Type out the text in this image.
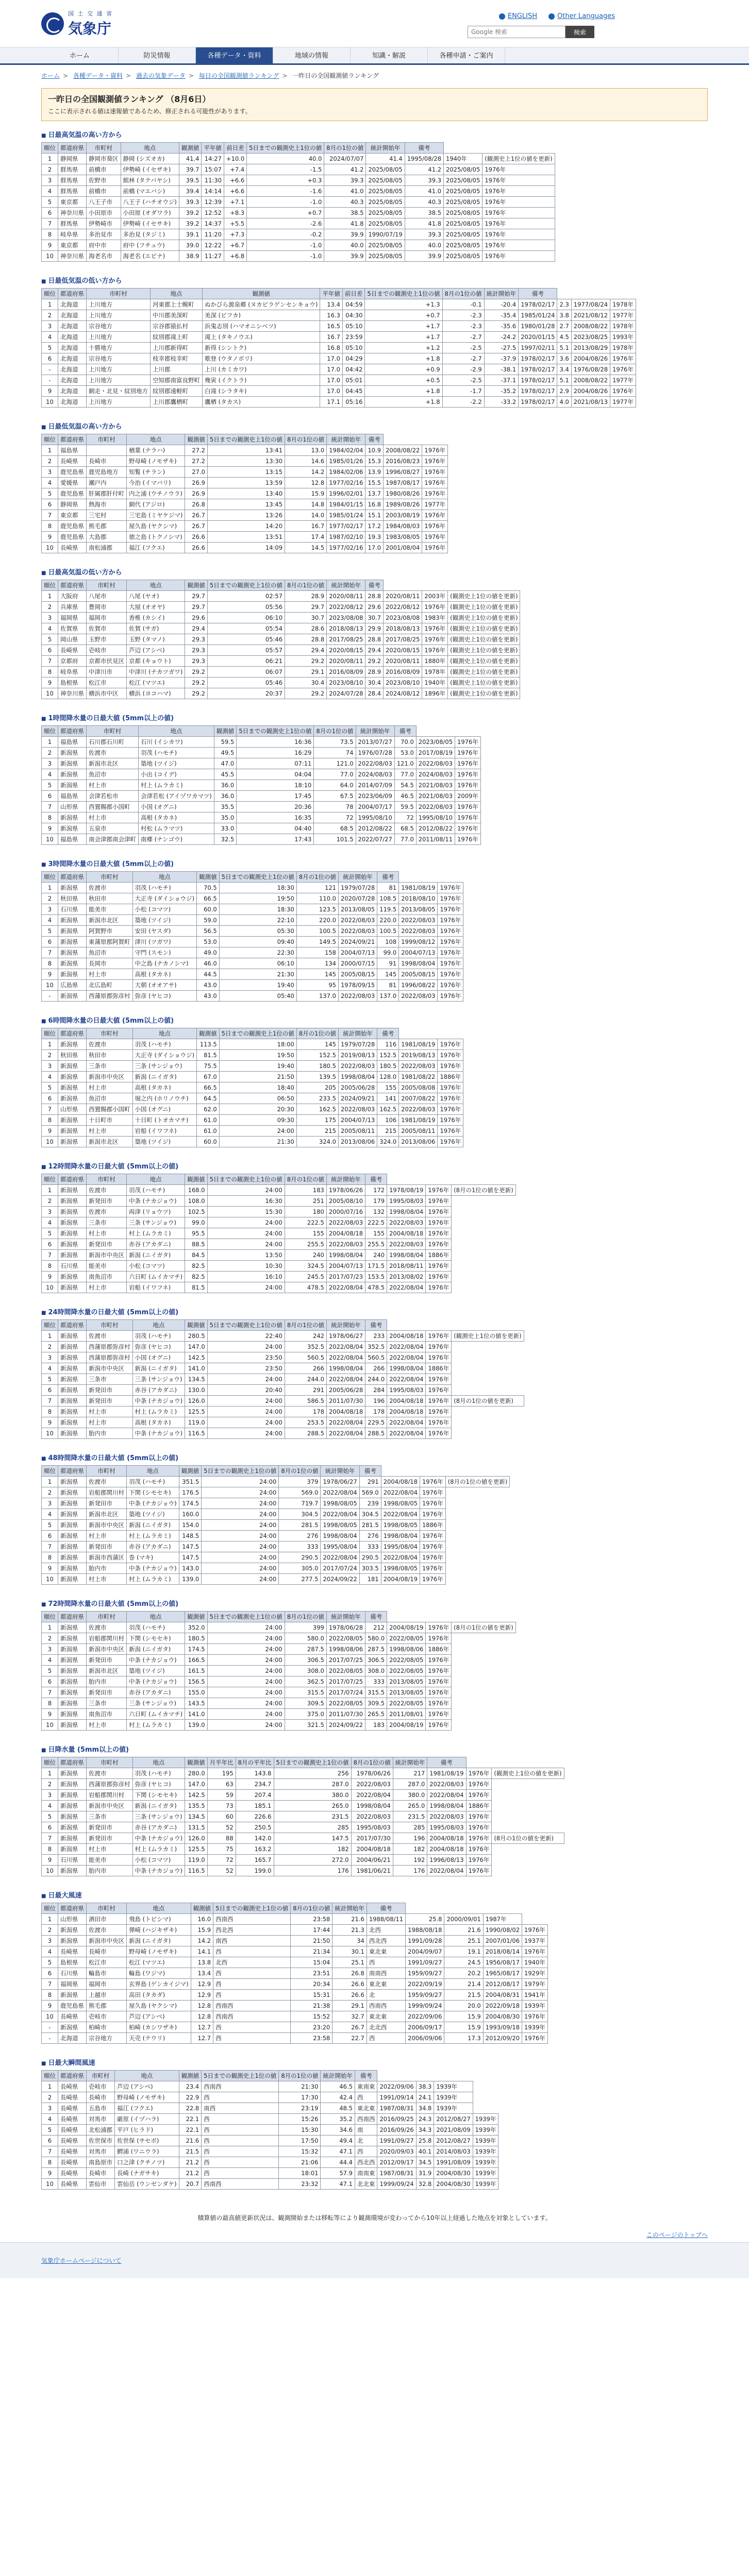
国 土 交 通 省
気象庁
ENGLISH	Other Languages
Google 検索
検索
ホーム	防災情報	各種データ・資料	地域の情報	知識・解説	各種申請・ご案内
ホーム > 各種データ・資料 > 過去の気象データ > 毎日の全国観測値ランキング > 一昨日の全国観測値ランキング
一昨日の全国観測値ランキング （8月6日）

ここに表示される値は速報値であるため、修正される可能性があります。

■ 日最高気温の高い方から
順位	都道府県	市町村	地点	観測値	平年値	前日差	5日までの観測史上1位の値	8月の1位の値	統計開始年	備考		
1	静岡県	静岡市葵区	静岡 (シズオカ)	41.4	14:27	+10.0	40.0	2024/07/07	41.4	1995/08/28	1940年	(観測史上1位の値を更新)
2	群馬県	前橋市	伊勢崎 (イセザキ)	39.7	15:07	+7.4	-1.5	41.2	2025/08/05	41.2	2025/08/05	1976年
3	群馬県	佐野市	館林 (タテバヤシ)	39.5	11:30	+6.6	+0.3	39.3	2025/08/05	39.3	2025/08/05	1976年
4	群馬県	前橋市	前橋 (マエバシ)	39.4	14:14	+6.6	-1.6	41.0	2025/08/05	41.0	2025/08/05	1976年
5	東京都	八王子市	八王子 (ハチオウジ)	39.3	12:39	+7.1	-1.0	40.3	2025/08/05	40.3	2025/08/05	1976年
6	神奈川県	小田原市	小田原 (オダワラ)	39.2	12:52	+8.3	+0.7	38.5	2025/08/05	38.5	2025/08/05	1976年
7	群馬県	伊勢崎市	伊勢崎 (イセサキ)	39.2	14:37	+5.5	-2.6	41.8	2025/08/05	41.8	2025/08/05	1976年
8	岐阜県	多治見市	多治見 (タジミ)	39.1	11:20	+7.3	-0.2	39.9	1990/07/19	39.3	2025/08/05	1976年
9	東京都	府中市	府中 (フチュウ)	39.0	12:22	+6.7	-1.0	40.0	2025/08/05	40.0	2025/08/05	1976年
10	神奈川県	海老名市	海老名 (エビナ)	38.9	11:27	+6.8	-1.0	39.9	2025/08/05	39.9	2025/08/05	1976年
■ 日最低気温の低い方から
順位	都道府県	市町村	地点	観測値	平年値	前日差	5日までの観測史上1位の値	8月の1位の値	統計開始年	備考			
1	北海道	上川地方	河東郡上士幌町	ぬかびら源泉郷 (ヌカビラゲンセンキョウ)	13.4	04:59	+1.3	-0.1	-20.4	1978/02/17	2.3	1977/08/24	1978年
2	北海道	上川地方	中川郡美深町	美深 (ビフカ)	16.3	04:30	+0.7	-2.3	-35.4	1985/01/24	3.8	2021/08/12	1977年
3	北海道	宗谷地方	宗谷郡猿払村	浜鬼志別 (ハマオニシベツ)	16.5	05:10	+1.7	-2.3	-35.6	1980/01/28	2.7	2008/08/22	1978年
4	北海道	上川地方	紋別郡滝上町	滝上 (タキノウエ)	16.7	23:59	+1.7	-2.7	-24.2	2020/01/15	4.5	2023/08/25	1993年
5	北海道	十勝地方	上川郡新得町	新得 (シントク)	16.8	05:10	+1.2	-2.5	-27.5	1997/02/11	5.1	2013/08/29	1978年
6	北海道	宗谷地方	枝幸郡枝幸町	歌登 (ウタノボリ)	17.0	04:29	+1.8	-2.7	-37.9	1978/02/17	3.6	2004/08/26	1976年
-	北海道	上川地方	上川郡	上川 (カミカワ)	17.0	04:42	+0.9	-2.9	-38.1	1978/02/17	3.4	1976/08/28	1976年
-	北海道	上川地方	空知郡南富良野町	幾寅 (イクトラ)	17.0	05:01	+0.5	-2.5	-37.1	1978/02/17	5.1	2008/08/22	1977年
9	北海道	網走・北見・紋別地方	紋別郡遠軽町	白滝 (シラタキ)	17.0	04:45	+1.8	-1.7	-35.2	1978/02/17	2.9	2004/08/26	1976年
10	北海道	上川地方	上川郡鷹栖町	鷹栖 (タカス)	17.1	05:16	+1.8	-2.2	-33.2	1978/02/17	4.0	2021/08/13	1977年
■ 日最低気温の高い方から
順位	都道府県	市町村	地点	観測値	5日までの観測史上1位の値	8月の1位の値	統計開始年	備考		
1	福島県		楢葉 (ナラハ)	27.2	13:41	13.0	1984/02/04	10.9	2008/08/22	1976年
2	長崎県	長崎市	野母崎 (ノモザキ)	27.2	13:30	14.6	1985/01/26	15.3	2016/08/23	1976年
3	鹿児島県	鹿児島地方	知覧 (チラン)	27.0	13:15	14.2	1984/02/06	13.9	1996/08/27	1976年
4	愛媛県	瀬戸内	今治 (イマバリ)	26.9	13:59	12.8	1977/02/16	15.5	1987/08/17	1976年
5	鹿児島県	肝属郡肝付町	内之浦 (ウチノウラ)	26.9	13:40	15.9	1996/02/01	13.7	1980/08/26	1976年
6	静岡県	熱海市	網代 (アジロ)	26.8	13:45	14.8	1984/01/15	16.8	1989/08/26	1977年
7	東京都	三宅村	三宅島 (ミヤケジマ)	26.7	13:26	14.0	1985/01/24	15.1	2003/08/19	1976年
8	鹿児島県	熊毛郡	屋久島 (ヤクシマ)	26.7	14:20	16.7	1977/02/17	17.2	1984/08/03	1976年
9	鹿児島県	大島郡	徳之島 (トクノシマ)	26.6	13:51	17.4	1987/02/10	19.3	1983/08/05	1976年
10	長崎県	南松浦郡	福江 (フクエ)	26.6	14:09	14.5	1977/02/16	17.0	2001/08/04	1976年
■ 日最高気温の低い方から
順位	都道府県	市町村	地点	観測値	5日までの観測史上1位の値	8月の1位の値	統計開始年	備考			
1	大阪府	八尾市	八尾 (ヤオ)	29.7	02:57	28.9	2020/08/11	28.8	2020/08/11	2003年	(観測史上1位の値を更新)
2	兵庫県	豊岡市	大屋 (オオヤ)	29.7	05:56	29.7	2022/08/12	29.6	2022/08/12	1976年	(観測史上1位の値を更新)
3	福岡県	福岡市	香椎 (カシイ)	29.6	06:10	30.7	2023/08/08	30.7	2023/08/08	1983年	(観測史上1位の値を更新)
4	佐賀県	佐賀市	佐賀 (サガ)	29.4	05:54	28.6	2018/08/13	29.9	2018/08/13	1976年	(観測史上1位の値を更新)
5	岡山県	玉野市	玉野 (タマノ)	29.3	05:46	28.8	2017/08/25	28.8	2017/08/25	1976年	(観測史上1位の値を更新)
6	長崎県	壱岐市	芦辺 (アシベ)	29.3	05:57	29.4	2020/08/15	29.4	2020/08/15	1976年	(観測史上1位の値を更新)
7	京都府	京都市伏見区	京都 (キョウト)	29.3	06:21	29.2	2020/08/11	29.2	2020/08/11	1880年	(観測史上1位の値を更新)
8	岐阜県	中津川市	中津川 (ナカツガワ)	29.2	06:07	29.1	2016/08/09	28.9	2016/08/09	1978年	(観測史上1位の値を更新)
9	島根県	松江市	松江 (マツエ)	29.2	05:46	30.4	2023/08/10	30.4	2023/08/10	1940年	(観測史上1位の値を更新)
10	神奈川県	横浜市中区	横浜 (ヨコハマ)	29.2	20:37	29.2	2024/07/28	28.4	2024/08/12	1896年	(観測史上1位の値を更新)
■ 1時間降水量の日最大値 (5mm以上の値)
順位	都道府県	市町村	地点	観測値	5日までの観測史上1位の値	8月の1位の値	統計開始年	備考		
1	福島県	石川郡石川町	石川 (イシカワ)	59.5	16:36	73.5	2013/07/27	70.0	2023/08/05	1976年
2	新潟県	佐渡市	羽茂 (ハモチ)	49.5	16:29	74	1976/07/28	53.0	2017/08/19	1976年
3	新潟県	新潟市北区	築地 (ツイジ)	47.0	07:11	121.0	2022/08/03	121.0	2022/08/03	1976年
4	新潟県	魚沼市	小出 (コイデ)	45.5	04:04	77.0	2024/08/03	77.0	2024/08/03	1976年
5	新潟県	村上市	村上 (ムラカミ)	36.0	18:10	64.0	2014/07/09	54.5	2021/08/03	1976年
6	福島県	会津若松市	会津若松 (アイヅワカマツ)	36.0	17:45	67.5	2023/06/09	46.5	2021/08/03	2009年
7	山形県	西置賜郡小国町	小国 (オグニ)	35.5	20:36	78	2004/07/17	59.5	2022/08/03	1976年
8	新潟県	村上市	高根 (タカネ)	35.0	16:35	72	1995/08/10	72	1995/08/10	1976年
9	新潟県	五泉市	村松 (ムラマツ)	33.0	04:40	68.5	2012/08/22	68.5	2012/08/22	1976年
10	福島県	南会津郡南会津町	南郷 (ナンゴウ)	32.5	17:43	101.5	2022/07/27	77.0	2011/08/11	1976年
■ 3時間降水量の日最大値 (5mm以上の値)
順位	都道府県	市町村	地点	観測値	5日までの観測史上1位の値	8月の1位の値	統計開始年	備考		
1	新潟県	佐渡市	羽茂 (ハモチ)	70.5	18:30	121	1979/07/28	81	1981/08/19	1976年
2	秋田県	秋田市	大正寺 (ダイショウジ)	66.5	19:50	110.0	2020/07/28	108.5	2018/08/10	1976年
3	石川県	能美市	小松 (コマツ)	60.0	18:30	123.5	2013/08/05	119.5	2013/08/05	1976年
4	新潟県	新潟市北区	築地 (ツイジ)	59.0	22:10	220.0	2022/08/03	220.0	2022/08/03	1976年
5	新潟県	阿賀野市	安田 (ヤスダ)	56.5	05:30	100.5	2022/08/03	100.5	2022/08/03	1976年
6	新潟県	東蒲原郡阿賀町	津川 (ツガワ)	53.0	09:40	149.5	2024/09/21	108	1999/08/12	1976年
7	新潟県	魚沼市	守門 (スモン)	49.0	22:30	158	2004/07/13	99.0	2004/07/13	1976年
8	新潟県	長岡市	中之島 (ナカノシマ)	46.0	06:10	134	2000/07/15	91	1998/08/04	1976年
9	新潟県	村上市	高根 (タカネ)	44.5	21:30	145	2005/08/15	145	2005/08/15	1976年
10	広島県	北広島町	大朝 (オオアサ)	43.0	19:40	95	1978/09/15	81	1996/08/22	1976年
-	新潟県	西蒲原郡弥彦村	弥彦 (ヤヒコ)	43.0	05:40	137.0	2022/08/03	137.0	2022/08/03	1976年
■ 6時間降水量の日最大値 (5mm以上の値)
順位	都道府県	市町村	地点	観測値	5日までの観測史上1位の値	8月の1位の値	統計開始年	備考		
1	新潟県	佐渡市	羽茂 (ハモチ)	113.5	18:00	145	1979/07/28	116	1981/08/19	1976年
2	秋田県	秋田市	大正寺 (ダイショウジ)	81.5	19:50	152.5	2019/08/13	152.5	2019/08/13	1976年
3	新潟県	三条市	三条 (サンジョウ)	75.5	19:40	180.5	2022/08/03	180.5	2022/08/03	1976年
4	新潟県	新潟市中央区	新潟 (ニイガタ)	67.0	21:50	139.5	1998/08/04	128.0	1981/08/22	1886年
5	新潟県	村上市	高根 (タカネ)	66.5	18:40	205	2005/06/28	155	2005/08/08	1976年
6	新潟県	魚沼市	堀之内 (ホリノウチ)	64.5	06:50	233.5	2024/09/21	141	2007/08/22	1976年
7	山形県	西置賜郡小国町	小国 (オグニ)	62.0	20:30	162.5	2022/08/03	162.5	2022/08/03	1976年
8	新潟県	十日町市	十日町 (トオカマチ)	61.0	09:30	175	2004/07/13	106	1981/08/19	1976年
9	新潟県	村上市	岩船 (イワフネ)	61.0	24:00	215	2005/08/11	215	2005/08/11	1976年
10	新潟県	新潟市北区	築地 (ツイジ)	60.0	21:30	324.0	2013/08/06	324.0	2013/08/06	1976年
■ 12時間降水量の日最大値 (5mm以上の値)
順位	都道府県	市町村	地点	観測値	5日までの観測史上1位の値	8月の1位の値	統計開始年	備考			
1	新潟県	佐渡市	羽茂 (ハモチ)	168.0	24:00	183	1978/06/26	172	1978/08/19	1976年	(8月の1位の値を更新)
2	新潟県	新発田市	中条 (ナカジョウ)	108.0	16:30	251	2005/08/10	179	1995/08/03	1976年	
3	新潟県	佐渡市	両津 (リョウツ)	102.5	15:30	180	2000/07/16	132	1998/08/04	1976年	
4	新潟県	三条市	三条 (サンジョウ)	99.0	24:00	222.5	2022/08/03	222.5	2022/08/03	1976年	
5	新潟県	村上市	村上 (ムラカミ)	95.5	24:00	155	2004/08/18	155	2004/08/18	1976年	
6	新潟県	新発田市	赤谷 (アカダニ)	88.5	24:00	255.5	2022/08/03	255.5	2022/08/03	1976年	
7	新潟県	新潟市中央区	新潟 (ニイガタ)	84.5	13:50	240	1998/08/04	240	1998/08/04	1886年	
8	石川県	能美市	小松 (コマツ)	82.5	10:30	324.5	2004/07/13	171.5	2018/08/11	1976年	
9	新潟県	南魚沼市	六日町 (ムイカマチ)	82.5	16:10	245.5	2017/07/23	153.5	2013/08/02	1976年	
10	新潟県	村上市	岩船 (イワフネ)	81.5	24:00	478.5	2022/08/04	478.5	2022/08/04	1976年	
■ 24時間降水量の日最大値 (5mm以上の値)
順位	都道府県	市町村	地点	観測値	5日までの観測史上1位の値	8月の1位の値	統計開始年	備考			
1	新潟県	佐渡市	羽茂 (ハモチ)	280.5	22:40	242	1978/06/27	233	2004/08/18	1976年	(観測史上1位の値を更新)
2	新潟県	西蒲原郡弥彦村	弥彦 (ヤヒコ)	147.0	24:00	352.5	2022/08/04	352.5	2022/08/04	1976年	
3	新潟県	西蒲原郡弥彦村	小国 (オグニ)	142.5	23:50	560.5	2022/08/04	560.5	2022/08/04	1976年	
4	新潟県	新潟市中央区	新潟 (ニイガタ)	141.0	23:50	266	1998/08/04	266	1998/08/04	1886年	
5	新潟県	三条市	三条 (サンジョウ)	134.5	24:00	244.0	2022/08/04	244.0	2022/08/04	1976年	
6	新潟県	新発田市	赤谷 (アカダニ)	130.0	20:40	291	2005/06/28	284	1995/08/03	1976年	
7	新潟県	新発田市	中条 (ナカジョウ)	126.0	24:00	586.5	2011/07/30	196	2004/08/18	1976年	(8月の1位の値を更新)
8	新潟県	村上市	村上 (ムラカミ)	125.5	24:00	178	2004/08/18	178	2004/08/18	1976年	
9	新潟県	村上市	高根 (タカネ)	119.0	24:00	253.5	2022/08/04	229.5	2022/08/04	1976年	
10	新潟県	胎内市	中条 (ナカジョウ)	116.5	24:00	288.5	2022/08/04	288.5	2022/08/04	1976年	
■ 48時間降水量の日最大値 (5mm以上の値)
順位	都道府県	市町村	地点	観測値	5日までの観測史上1位の値	8月の1位の値	統計開始年	備考			
1	新潟県	佐渡市	羽茂 (ハモチ)	351.5	24:00	379	1978/06/27	291	2004/08/18	1976年	(8月の1位の値を更新)
2	新潟県	岩船郡関川村	下関 (シモセキ)	176.5	24:00	569.0	2022/08/04	569.0	2022/08/04	1976年	
3	新潟県	新発田市	中条 (ナカジョウ)	174.5	24:00	719.7	1998/08/05	239	1998/08/05	1976年	
4	新潟県	新潟市北区	築地 (ツイジ)	160.0	24:00	304.5	2022/08/04	304.5	2022/08/04	1976年	
5	新潟県	新潟市中央区	新潟 (ニイガタ)	154.0	24:00	281.5	1998/08/05	281.5	1998/08/05	1886年	
6	新潟県	村上市	村上 (ムラカミ)	148.5	24:00	276	1998/08/04	276	1998/08/04	1976年	
7	新潟県	新発田市	赤谷 (アカダニ)	147.5	24:00	333	1995/08/04	333	1995/08/04	1976年	
8	新潟県	新潟市西蒲区	巻 (マキ)	147.5	24:00	290.5	2022/08/04	290.5	2022/08/04	1976年	
9	新潟県	胎内市	中条 (ナカジョウ)	143.0	24:00	305.0	2017/07/24	303.5	1998/08/05	1976年	
10	新潟県	村上市	村上 (ムラカミ)	139.0	24:00	277.5	2024/09/22	181	2004/08/19	1976年	
■ 72時間降水量の日最大値 (5mm以上の値)
順位	都道府県	市町村	地点	観測値	5日までの観測史上1位の値	8月の1位の値	統計開始年	備考			
1	新潟県	佐渡市	羽茂 (ハモチ)	352.0	24:00	399	1978/06/28	212	2004/08/19	1976年	(8月の1位の値を更新)
2	新潟県	岩船郡関川村	下関 (シモセキ)	180.5	24:00	580.0	2022/08/05	580.0	2022/08/05	1976年	
3	新潟県	新潟市中央区	新潟 (ニイガタ)	174.5	24:00	287.5	1998/08/06	287.5	1998/08/06	1886年	
4	新潟県	新発田市	中条 (ナカジョウ)	166.5	24:00	306.5	2017/07/25	306.5	2022/08/05	1976年	
5	新潟県	新潟市北区	築地 (ツイジ)	161.5	24:00	308.0	2022/08/05	308.0	2022/08/05	1976年	
6	新潟県	胎内市	中条 (ナカジョウ)	156.5	24:00	362.5	2017/07/25	333	2013/08/05	1976年	
7	新潟県	新発田市	赤谷 (アカダニ)	155.0	24:00	315.5	2017/07/24	315.5	2013/08/05	1976年	
8	新潟県	三条市	三条 (サンジョウ)	143.5	24:00	309.5	2022/08/05	309.5	2022/08/05	1976年	
9	新潟県	南魚沼市	六日町 (ムイカマチ)	141.0	24:00	375.0	2011/07/30	265.5	2011/08/01	1976年	
10	新潟県	村上市	村上 (ムラカミ)	139.0	24:00	321.5	2024/09/22	183	2004/08/19	1976年	
■ 日降水量 (5mm以上の値)
順位	都道府県	市町村	地点	観測値	月平年比	8月の平年比	5日までの観測史上1位の値	8月の1位の値	統計開始年	備考		
1	新潟県	佐渡市	羽茂 (ハモチ)	280.0	195	143.8	256	1978/06/26	217	1981/08/19	1976年	(観測史上1位の値を更新)
2	新潟県	西蒲原郡弥彦村	弥彦 (ヤヒコ)	147.0	63	234.7	287.0	2022/08/03	287.0	2022/08/03	1976年	
3	新潟県	岩船郡関川村	下関 (シモセキ)	142.5	59	207.4	380.0	2022/08/04	380.0	2022/08/04	1976年	
4	新潟県	新潟市中央区	新潟 (ニイガタ)	135.5	73	185.1	265.0	1998/08/04	265.0	1998/08/04	1886年	
5	新潟県	三条市	三条 (サンジョウ)	134.5	60	226.6	231.5	2022/08/03	231.5	2022/08/03	1976年	
6	新潟県	新発田市	赤谷 (アカダニ)	131.5	52	250.5	285	1995/08/03	285	1995/08/03	1976年	
7	新潟県	新発田市	中条 (ナカジョウ)	126.0	88	142.0	147.5	2017/07/30	196	2004/08/18	1976年	(8月の1位の値を更新)
8	新潟県	村上市	村上 (ムラカミ)	125.5	75	163.2	182	2004/08/18	182	2004/08/18	1976年	
9	石川県	能美市	小松 (コマツ)	119.0	72	165.7	272.0	2004/06/21	192	1996/08/13	1976年	
10	新潟県	胎内市	中条 (ナカジョウ)	116.5	52	199.0	176	1981/06/21	176	2022/08/04	1976年	
■ 日最大風速
順位	都道府県	市町村	地点	観測値	5日までの観測史上1位の値	8月の1位の値	統計開始年	備考				
1	山形県	酒田市	飛島 (トビシマ)	16.0	西南西	23:58	21.6	1988/08/11	25.8	2000/09/01	1987年	
2	新潟県	佐渡市	弾崎 (ハジキザキ)	15.9	西北西	17:44	21.3	北西	1988/08/18	21.6	1990/08/02	1976年
3	新潟県	新潟市中央区	新潟 (ニイガタ)	14.2	南西	21:50	34	西北西	1991/09/28	25.1	2007/01/06	1937年
4	長崎県	長崎市	野母崎 (ノモザキ)	14.1	西	21:34	30.1	東北東	2004/09/07	19.1	2018/08/14	1976年
5	島根県	松江市	松江 (マツエ)	13.8	北西	15:04	25.1	西	1991/09/27	24.5	1956/08/17	1940年
6	石川県	輪島市	輪島 (ワジマ)	13.4	西	23:51	26.8	南南西	1959/09/27	20.2	1965/08/17	1929年
7	福岡県	福岡市	玄界島 (ゲンカイジマ)	12.9	西	20:34	26.6	東北東	2022/09/19	21.4	2012/08/17	1979年
8	新潟県	上越市	高田 (タカダ)	12.9	西	15:31	26.6	北	1959/09/27	21.5	2004/08/31	1941年
9	鹿児島県	熊毛郡	屋久島 (ヤクシマ)	12.8	西南西	21:38	29.1	西南西	1999/09/24	20.0	2022/09/18	1939年
10	長崎県	壱岐市	芦辺 (アシベ)	12.8	西南西	15:52	32.7	東北東	2022/09/06	15.9	2004/08/30	1976年
-	新潟県	柏崎市	柏崎 (カシワザキ)	12.7	西	23:20	26.7	北北西	2006/09/17	15.9	1993/09/18	1939年
-	北海道	宗谷地方	天売 (テウリ)	12.7	西	23:58	22.7	西	2006/09/06	17.3	2012/09/20	1976年
■ 日最大瞬間風速
順位	都道府県	市町村	地点	観測値	5日までの観測史上1位の値	8月の1位の値	統計開始年	備考				
1	長崎県	壱岐市	芦辺 (アシベ)	23.4	西南西	21:30	46.5	東南東	2022/09/06	38.3	1939年	
2	長崎県	長崎市	野母崎 (ノモザキ)	22.9	西	17:30	42.4	西	1991/09/14	24.1	1939年	
3	長崎県	五島市	福江 (フクエ)	22.8	南西	23:19	48.5	東北東	1987/08/31	34.8	1939年	
4	長崎県	対馬市	厳原 (イヅハラ)	22.1	西	15:26	35.2	西南西	2016/09/25	24.3	2012/08/27	1939年
5	長崎県	北松浦郡	平戸 (ヒラド)	22.1	西	15:30	34.6	南	2016/09/26	34.3	2021/08/09	1939年
6	長崎県	佐世保市	佐世保 (サセボ)	21.6	西	17:50	49.4	北	1991/09/27	25.8	2012/08/27	1939年
7	長崎県	対馬市	鰐浦 (ワニウラ)	21.5	西	15:32	47.1	西	2020/09/03	40.1	2014/08/03	1939年
8	長崎県	南島原市	口之津 (クチノツ)	21.2	西	21:06	44.4	西北西	2012/09/17	34.5	1991/08/09	1939年
9	長崎県	長崎市	長崎 (ナガサキ)	21.2	西	18:01	57.9	南南東	1987/08/31	31.9	2004/08/30	1939年
10	長崎県	雲仙市	雲仙岳 (ウンゼンダケ)	20.7	西南西	23:32	47.1	北北東	1999/09/24	32.8	2004/08/30	1939年
積算値の最高値更新状況は、観測開始または移転等により観測環境が変わってから10年以上経過した地点を対象としています。
このページのトップへ
気象庁ホームページについて
